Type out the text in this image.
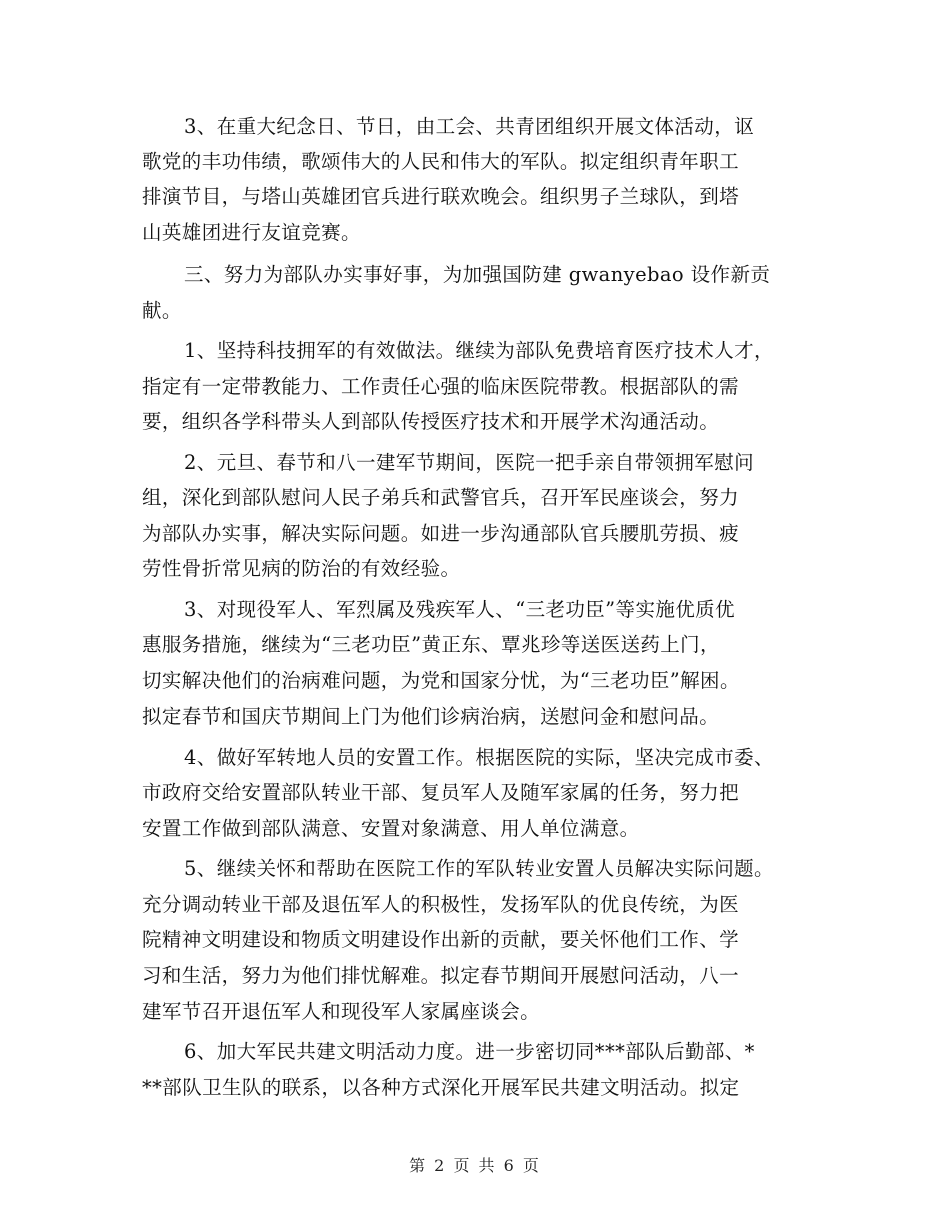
3、在重大纪念日、节日，由工会、共青团组织开展文体活动，讴
歌党的丰功伟绩，歌颂伟大的人民和伟大的军队。拟定组织青年职工
排演节目，与塔山英雄团官兵进行联欢晚会。组织男子兰球队，到塔
山英雄团进行友谊竞赛。
三、努力为部队办实事好事，为加强国防建 gwanyebao 设作新贡
献。
1、坚持科技拥军的有效做法。继续为部队免费培育医疗技术人才，
指定有一定带教能力、工作责任心强的临床医院带教。根据部队的需
要，组织各学科带头人到部队传授医疗技术和开展学术沟通活动。
2、元旦、春节和八一建军节期间，医院一把手亲自带领拥军慰问
组，深化到部队慰问人民子弟兵和武警官兵，召开军民座谈会，努力
为部队办实事，解决实际问题。如进一步沟通部队官兵腰肌劳损、疲
劳性骨折常见病的防治的有效经验。
3、对现役军人、军烈属及残疾军人、“三老功臣”等实施优质优
惠服务措施，继续为“三老功臣”黄正东、覃兆珍等送医送药上门，
切实解决他们的治病难问题，为党和国家分忧，为“三老功臣”解困。
拟定春节和国庆节期间上门为他们诊病治病，送慰问金和慰问品。
4、做好军转地人员的安置工作。根据医院的实际，坚决完成市委、
市政府交给安置部队转业干部、复员军人及随军家属的任务，努力把
安置工作做到部队满意、安置对象满意、用人单位满意。
5、继续关怀和帮助在医院工作的军队转业安置人员解决实际问题。
充分调动转业干部及退伍军人的积极性，发扬军队的优良传统，为医
院精神文明建设和物质文明建设作出新的贡献，要关怀他们工作、学
习和生活，努力为他们排忧解难。拟定春节期间开展慰问活动，八一
建军节召开退伍军人和现役军人家属座谈会。
6、加大军民共建文明活动力度。进一步密切同***部队后勤部、*
**部队卫生队的联系，以各种方式深化开展军民共建文明活动。拟定
第 2 页 共 6 页
